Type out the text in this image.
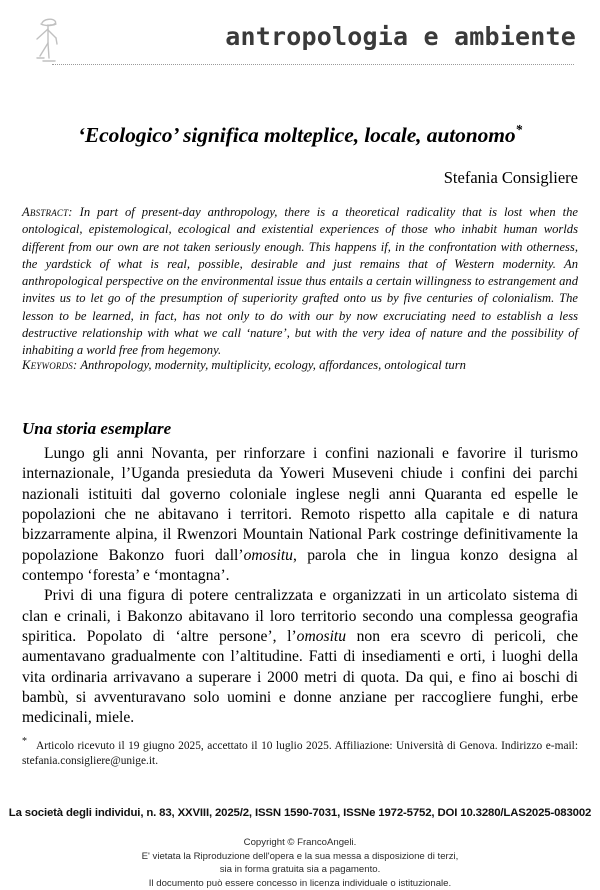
antropologia e ambiente
‘Ecologico’ significa molteplice, locale, autonomo*
Stefania Consigliere
Abstract: In part of present-day anthropology, there is a theoretical radicality that is lost when the ontological, epistemological, ecological and existential experiences of those who inhabit human worlds different from our own are not taken seriously enough. This happens if, in the confrontation with otherness, the yardstick of what is real, possible, desirable and just remains that of Western modernity. An anthropological perspective on the environmental issue thus entails a certain willingness to estrangement and invites us to let go of the presumption of superiority grafted onto us by five centuries of colonialism. The lesson to be learned, in fact, has not only to do with our by now excruciating need to establish a less destructive relationship with what we call ‘nature’, but with the very idea of nature and the possibility of inhabiting a world free from hegemony.
Keywords: Anthropology, modernity, multiplicity, ecology, affordances, ontological turn
Una storia esemplare

Lungo gli anni Novanta, per rinforzare i confini nazionali e favorire il turismo internazionale, l’Uganda presieduta da Yoweri Museveni chiude i confini dei parchi nazionali istituiti dal governo coloniale inglese negli anni Quaranta ed espelle le popolazioni che ne abitavano i territori. Remoto rispetto alla capitale e di natura bizzarramente alpina, il Rwenzori Mountain National Park costringe definitivamente la popolazione Bakonzo fuori dall’omositu, parola che in lingua konzo designa al contempo ‘foresta’ e ‘montagna’.

Privi di una figura di potere centralizzata e organizzati in un articolato sistema di clan e crinali, i Bakonzo abitavano il loro territorio secondo una complessa geografia spiritica. Popolato di ‘altre persone’, l’omositu non era scevro di pericoli, che aumentavano gradualmente con l’altitudine. Fatti di insediamenti e orti, i luoghi della vita ordinaria arrivavano a superare i 2000 metri di quota. Da qui, e fino ai boschi di bambù, si avventuravano solo uomini e donne anziane per raccogliere funghi, erbe medicinali, miele.

* Articolo ricevuto il 19 giugno 2025, accettato il 10 luglio 2025. Affiliazione: Università di Genova. Indirizzo e-mail: stefania.consigliere@unige.it.
La società degli individui, n. 83, XXVIII, 2025/2, ISSN 1590-7031, ISSNe 1972-5752, DOI 10.3280/LAS2025-083002
Copyright © FrancoAngeli.
E' vietata la Riproduzione dell'opera e la sua messa a disposizione di terzi,
sia in forma gratuita sia a pagamento.
Il documento può essere concesso in licenza individuale o istituzionale.
